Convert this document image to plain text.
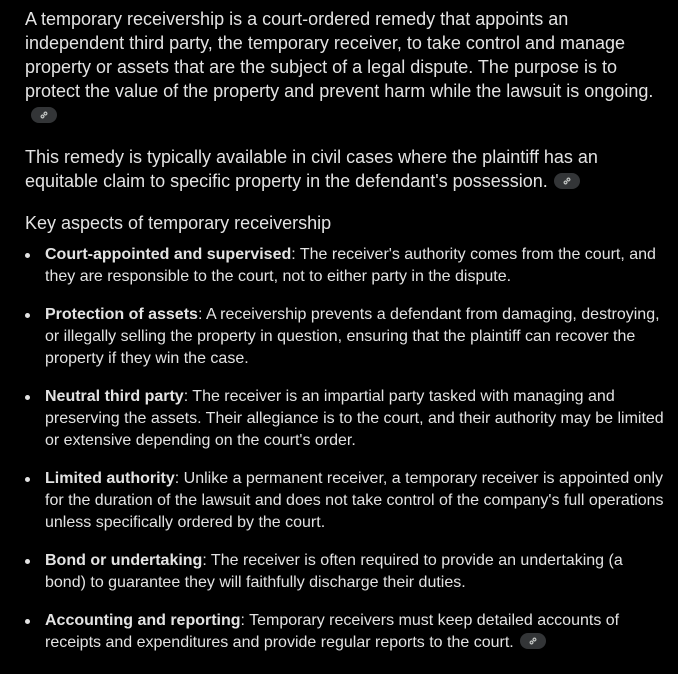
A temporary receivership is a court-ordered remedy that appoints an independent third party, the temporary receiver, to take control and manage property or assets that are the subject of a legal dispute. The purpose is to protect the value of the property and prevent harm while the lawsuit is ongoing.

This remedy is typically available in civil cases where the plaintiff has an equitable claim to specific property in the defendant's possession.

Key aspects of temporary receivership
Court-appointed and supervised: The receiver's authority comes from the court, and they are responsible to the court, not to either party in the dispute.
Protection of assets: A receivership prevents a defendant from damaging, destroying, or illegally selling the property in question, ensuring that the plaintiff can recover the property if they win the case.
Neutral third party: The receiver is an impartial party tasked with managing and preserving the assets. Their allegiance is to the court, and their authority may be limited or extensive depending on the court's order.
Limited authority: Unlike a permanent receiver, a temporary receiver is appointed only for the duration of the lawsuit and does not take control of the company's full operations unless specifically ordered by the court.
Bond or undertaking: The receiver is often required to provide an undertaking (a bond) to guarantee they will faithfully discharge their duties.
Accounting and reporting: Temporary receivers must keep detailed accounts of receipts and expenditures and provide regular reports to the court.
